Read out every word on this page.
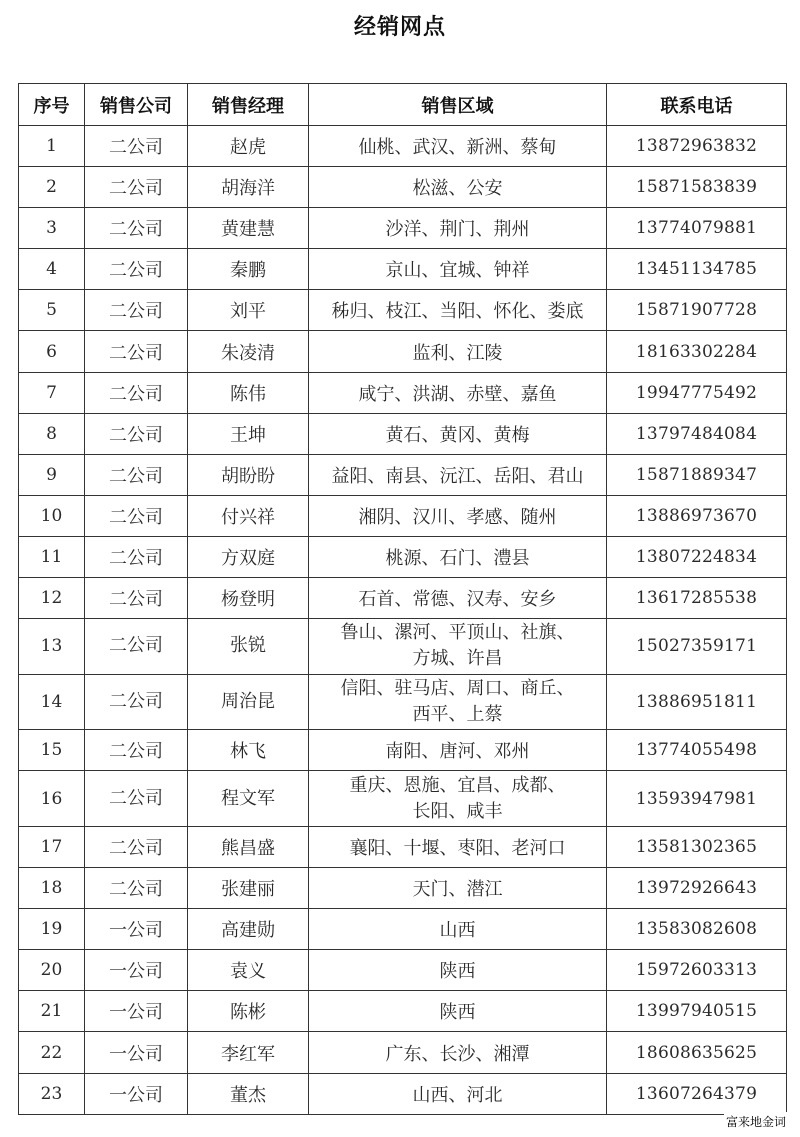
经销网点
序号	销售公司	销售经理	销售区域	联系电话
1	二公司	赵虎	仙桃、武汉、新洲、蔡甸	13872963832
2	二公司	胡海洋	松滋、公安	15871583839
3	二公司	黄建慧	沙洋、荆门、荆州	13774079881
4	二公司	秦鹏	京山、宜城、钟祥	13451134785
5	二公司	刘平	秭归、枝江、当阳、怀化、娄底	15871907728
6	二公司	朱凌清	监利、江陵	18163302284
7	二公司	陈伟	咸宁、洪湖、赤壁、嘉鱼	19947775492
8	二公司	王坤	黄石、黄冈、黄梅	13797484084
9	二公司	胡盼盼	益阳、南县、沅江、岳阳、君山	15871889347
10	二公司	付兴祥	湘阴、汉川、孝感、随州	13886973670
11	二公司	方双庭	桃源、石门、澧县	13807224834
12	二公司	杨登明	石首、常德、汉寿、安乡	13617285538
13	二公司	张锐	鲁山、漯河、平顶山、社旗、
方城、许昌	15027359171
14	二公司	周治昆	信阳、驻马店、周口、商丘、
西平、上蔡	13886951811
15	二公司	林飞	南阳、唐河、邓州	13774055498
16	二公司	程文军	重庆、恩施、宜昌、成都、
长阳、咸丰	13593947981
17	二公司	熊昌盛	襄阳、十堰、枣阳、老河口	13581302365
18	二公司	张建丽	天门、潜江	13972926643
19	一公司	高建勋	山西	13583082608
20	一公司	袁义	陕西	15972603313
21	一公司	陈彬	陕西	13997940515
22	一公司	李红军	广东、长沙、湘潭	18608635625
23	一公司	董杰	山西、河北	13607264379
富来地金词
